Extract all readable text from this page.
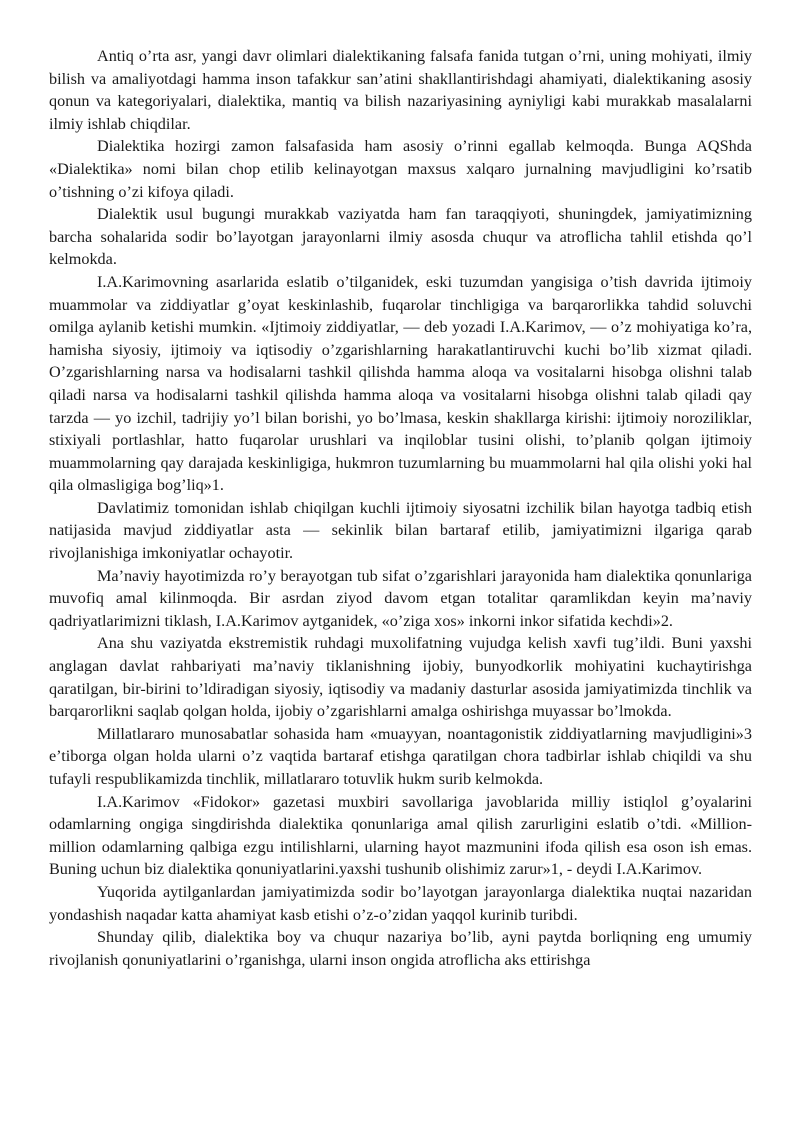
Antiq o’rta asr, yangi davr olimlari dialektikaning falsafa fanida tutgan o’rni, uning mohiyati, ilmiy bilish va amaliyotdagi hamma inson tafakkur san’atini shakllantirishdagi ahamiyati, dialektikaning asosiy qonun va kategoriyalari, dialektika, mantiq va bilish nazariyasining ayniyligi kabi murakkab masalalarni ilmiy ishlab chiqdilar.

Dialektika hozirgi zamon falsafasida ham asosiy o’rinni egallab kelmoqda. Bunga AQShda «Dialektika» nomi bilan chop etilib kelinayotgan maxsus xalqaro jurnalning mavjudligini ko’rsatib o’tishning o’zi kifoya qiladi.

Dialektik usul bugungi murakkab vaziyatda ham fan taraqqiyoti, shuningdek, jamiyatimizning barcha sohalarida sodir bo’layotgan jarayonlarni ilmiy asosda chuqur va atroflicha tahlil etishda qo’l kelmokda.

I.A.Karimovning asarlarida eslatib o’tilganidek, eski tuzumdan yangisiga o’tish davrida ijtimoiy muammolar va ziddiyatlar g’oyat keskinlashib, fuqarolar tinchligiga va barqarorlikka tahdid soluvchi omilga aylanib ketishi mumkin. «Ijtimoiy ziddiyatlar, — deb yozadi I.A.Karimov, — o’z mohiyatiga ko’ra, hamisha siyosiy, ijtimoiy va iqtisodiy o’zgarishlarning harakatlantiruvchi kuchi bo’lib xizmat qiladi. O’zgarishlarning narsa va hodisalarni tashkil qilishda hamma aloqa va vositalarni hisobga olishni talab qiladi narsa va hodisalarni tashkil qilishda hamma aloqa va vositalarni hisobga olishni talab qiladi qay tarzda — yo izchil, tadrijiy yo’l bilan borishi, yo bo’lmasa, keskin shakllarga kirishi: ijtimoiy noroziliklar, stixiyali portlashlar, hatto fuqarolar urushlari va inqiloblar tusini olishi, to’planib qolgan ijtimoiy muammolarning qay darajada keskinligiga, hukmron tuzumlarning bu muammolarni hal qila olishi yoki hal qila olmasligiga bog’liq»1.

Davlatimiz tomonidan ishlab chiqilgan kuchli ijtimoiy siyosatni izchilik bilan hayotga tadbiq etish natijasida mavjud ziddiyatlar asta — sekinlik bilan bartaraf etilib, jamiyatimizni ilgariga qarab rivojlanishiga imkoniyatlar ochayotir.

Ma’naviy hayotimizda ro’y berayotgan tub sifat o’zgarishlari jarayonida ham dialektika qonunlariga muvofiq amal kilinmoqda. Bir asrdan ziyod davom etgan totalitar qaramlikdan keyin ma’naviy qadriyatlarimizni tiklash, I.A.Karimov aytganidek, «o’ziga xos» inkorni inkor sifatida kechdi»2.

Ana shu vaziyatda ekstremistik ruhdagi muxolifatning vujudga kelish xavfi tug’ildi. Buni yaxshi anglagan davlat rahbariyati ma’naviy tiklanishning ijobiy, bunyodkorlik mohiyatini kuchaytirishga qaratilgan, bir-birini to’ldiradigan siyosiy, iqtisodiy va madaniy dasturlar asosida jamiyatimizda tinchlik va barqarorlikni saqlab qolgan holda, ijobiy o’zgarishlarni amalga oshirishga muyassar bo’lmokda.

Millatlararo munosabatlar sohasida ham «muayyan, noantagonistik ziddiyatlarning mavjudligini»3 e’tiborga olgan holda ularni o’z vaqtida bartaraf etishga qaratilgan chora tadbirlar ishlab chiqildi va shu tufayli respublikamizda tinchlik, millatlararo totuvlik hukm surib kelmokda.

I.A.Karimov «Fidokor» gazetasi muxbiri savollariga javoblarida milliy istiqlol g’oyalarini odamlarning ongiga singdirishda dialektika qonunlariga amal qilish zarurligini eslatib o’tdi. «Million-million odamlarning qalbiga ezgu intilishlarni, ularning hayot mazmunini ifoda qilish esa oson ish emas. Buning uchun biz dialektika qonuniyatlarini.yaxshi tushunib olishimiz zarur»1, - deydi I.A.Karimov.

Yuqorida aytilganlardan jamiyatimizda sodir bo’layotgan jarayonlarga dialektika nuqtai nazaridan yondashish naqadar katta ahamiyat kasb etishi o’z-o’zidan yaqqol kurinib turibdi.

Shunday qilib, dialektika boy va chuqur nazariya bo’lib, ayni paytda borliqning eng umumiy rivojlanish qonuniyatlarini o’rganishga, ularni inson ongida atroflicha aks ettirishga
